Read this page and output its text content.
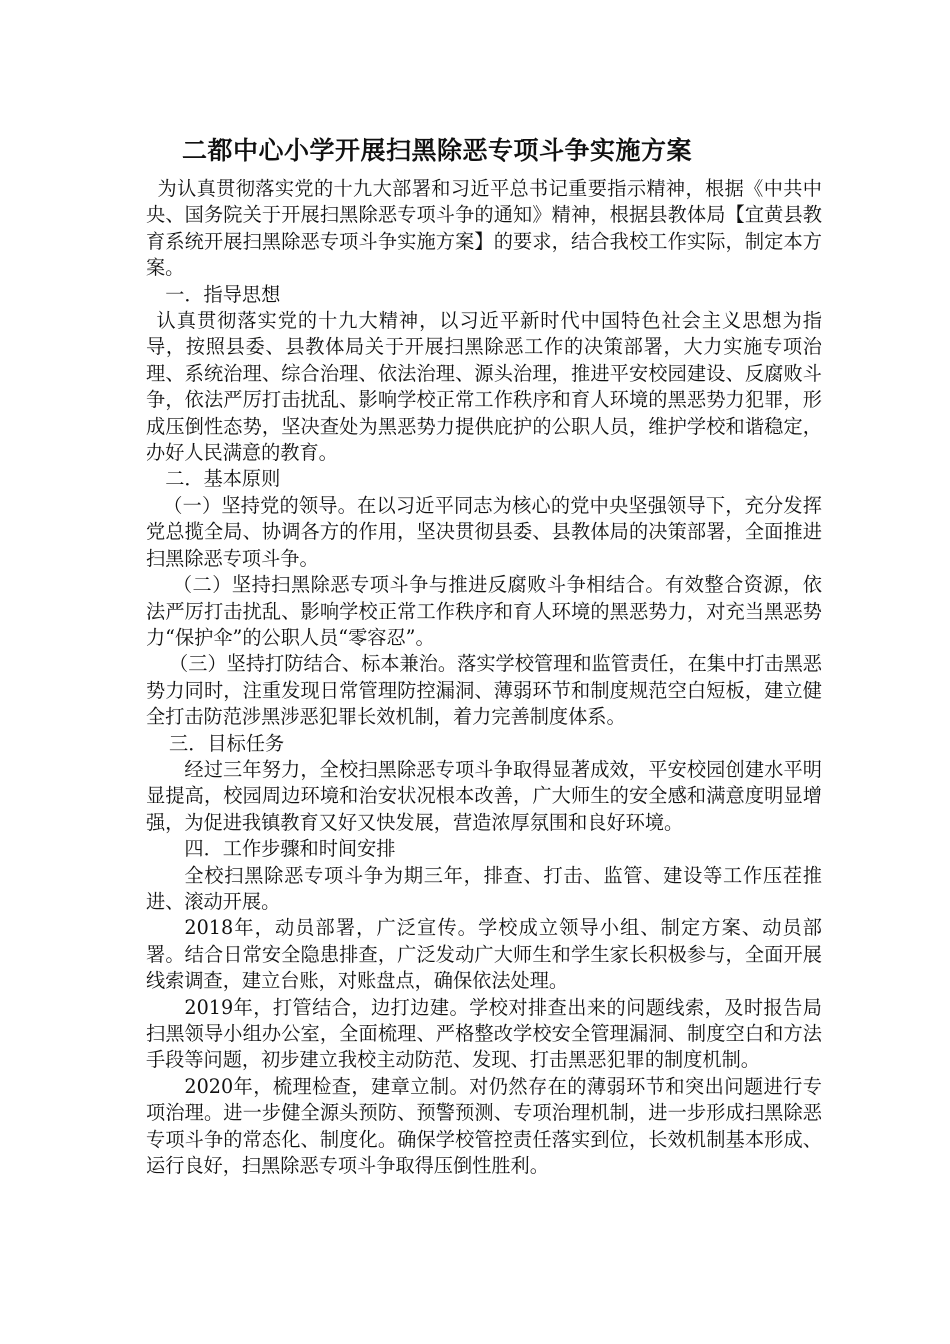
二都中心小学开展扫黑除恶专项斗争实施方案

为认真贯彻落实党的十九大部署和习近平总书记重要指示精神，根据《中共中央、国务院关于开展扫黑除恶专项斗争的通知》精神，根据县教体局【宜黄县教育系统开展扫黑除恶专项斗争实施方案】的要求，结合我校工作实际，制定本方案。

一．指导思想

认真贯彻落实党的十九大精神，以习近平新时代中国特色社会主义思想为指导，按照县委、县教体局关于开展扫黑除恶工作的决策部署，大力实施专项治理、系统治理、综合治理、依法治理、源头治理，推进平安校园建设、反腐败斗争，依法严厉打击扰乱、影响学校正常工作秩序和育人环境的黑恶势力犯罪，形成压倒性态势，坚决查处为黑恶势力提供庇护的公职人员，维护学校和谐稳定，办好人民满意的教育。

二．基本原则

（一）坚持党的领导。在以习近平同志为核心的党中央坚强领导下，充分发挥党总揽全局、协调各方的作用，坚决贯彻县委、县教体局的决策部署，全面推进扫黑除恶专项斗争。

（二）坚持扫黑除恶专项斗争与推进反腐败斗争相结合。有效整合资源，依法严厉打击扰乱、影响学校正常工作秩序和育人环境的黑恶势力，对充当黑恶势力“保护伞”的公职人员“零容忍”。

（三）坚持打防结合、标本兼治。落实学校管理和监管责任，在集中打击黑恶势力同时，注重发现日常管理防控漏洞、薄弱环节和制度规范空白短板，建立健全打击防范涉黑涉恶犯罪长效机制，着力完善制度体系。

三．目标任务

经过三年努力，全校扫黑除恶专项斗争取得显著成效，平安校园创建水平明显提高，校园周边环境和治安状况根本改善，广大师生的安全感和满意度明显增强，为促进我镇教育又好又快发展，营造浓厚氛围和良好环境。

四．工作步骤和时间安排

全校扫黑除恶专项斗争为期三年，排查、打击、监管、建设等工作压茬推进、滚动开展。

2018年，动员部署，广泛宣传。学校成立领导小组、制定方案、动员部署。结合日常安全隐患排查，广泛发动广大师生和学生家长积极参与，全面开展线索调查，建立台账，对账盘点，确保依法处理。

2019年，打管结合，边打边建。学校对排查出来的问题线索，及时报告局扫黑领导小组办公室，全面梳理、严格整改学校安全管理漏洞、制度空白和方法手段等问题，初步建立我校主动防范、发现、打击黑恶犯罪的制度机制。

2020年，梳理检查，建章立制。对仍然存在的薄弱环节和突出问题进行专项治理。进一步健全源头预防、预警预测、专项治理机制，进一步形成扫黑除恶专项斗争的常态化、制度化。确保学校管控责任落实到位，长效机制基本形成、运行良好，扫黑除恶专项斗争取得压倒性胜利。
